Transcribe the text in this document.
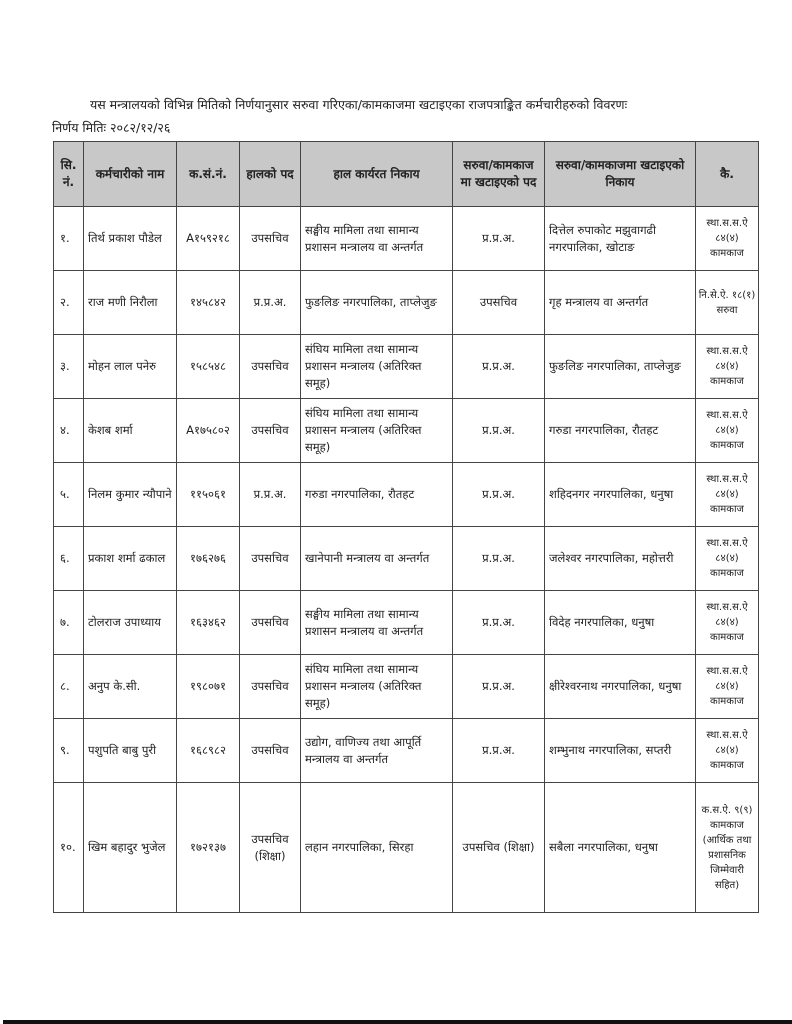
यस मन्त्रालयको विभिन्न मितिको निर्णयानुसार सरुवा गरिएका/कामकाजमा खटाइएका राजपत्राङ्कित कर्मचारीहरुको विवरणः
निर्णय मितिः २०८२/१२/२६
सि. नं.	कर्मचारीको नाम	क.सं.नं.	हालको पद	हाल कार्यरत निकाय	सरुवा/कामकाज मा खटाइएको पद	सरुवा/कामकाजमा खटाइएको निकाय	कै.
१.	तिर्थ प्रकाश पौडेल	A१५९२१८	उपसचिव	सङ्घीय मामिला तथा सामान्य प्रशासन मन्त्रालय वा अन्तर्गत	प्र.प्र.अ.	दित्तेल रुपाकोट मझुवागढी नगरपालिका, खोटाङ	स्था.स.स.ऐ ८४(४) कामकाज
२.	राज मणी निरौला	१४५८४२	प्र.प्र.अ.	फुङलिङ नगरपालिका, ताप्लेजुङ	उपसचिव	गृह मन्त्रालय वा अन्तर्गत	नि.से.ऐ. १८(१) सरुवा
३.	मोहन लाल पनेरु	१५८५४८	उपसचिव	संघिय मामिला तथा सामान्य प्रशासन मन्त्रालय (अतिरिक्त समूह)	प्र.प्र.अ.	फुङलिङ नगरपालिका, ताप्लेजुङ	स्था.स.स.ऐ ८४(४) कामकाज
४.	केशब शर्मा	A१७५८०२	उपसचिव	संघिय मामिला तथा सामान्य प्रशासन मन्त्रालय (अतिरिक्त समूह)	प्र.प्र.अ.	गरुडा नगरपालिका, रौतहट	स्था.स.स.ऐ ८४(४) कामकाज
५.	निलम कुमार न्यौपाने	११५०६१	प्र.प्र.अ.	गरुडा नगरपालिका, रौतहट	प्र.प्र.अ.	शहिदनगर नगरपालिका, धनुषा	स्था.स.स.ऐ ८४(४) कामकाज
६.	प्रकाश शर्मा ढकाल	१७६२७६	उपसचिव	खानेपानी मन्त्रालय वा अन्तर्गत	प्र.प्र.अ.	जलेश्वर नगरपालिका, महोत्तरी	स्था.स.स.ऐ ८४(४) कामकाज
७.	टोलराज उपाध्याय	१६३४६२	उपसचिव	सङ्घीय मामिला तथा सामान्य प्रशासन मन्त्रालय वा अन्तर्गत	प्र.प्र.अ.	विदेह नगरपालिका, धनुषा	स्था.स.स.ऐ ८४(४) कामकाज
८.	अनुप के.सी.	१९८०७१	उपसचिव	संघिय मामिला तथा सामान्य प्रशासन मन्त्रालय (अतिरिक्त समूह)	प्र.प्र.अ.	क्षीरेश्वरनाथ नगरपालिका, धनुषा	स्था.स.स.ऐ ८४(४) कामकाज
९.	पशुपति बाबु पुरी	१६८९८२	उपसचिव	उद्योग, वाणिज्य तथा आपूर्ति मन्त्रालय वा अन्तर्गत	प्र.प्र.अ.	शम्भुनाथ नगरपालिका, सप्तरी	स्था.स.स.ऐ ८४(४) कामकाज
१०.	खिम बहादुर भुजेल	१७२१३७	उपसचिव (शिक्षा)	लहान नगरपालिका, सिरहा	उपसचिव (शिक्षा)	सबैला नगरपालिका, धनुषा	क.स.ऐ. ९(९) कामकाज (आर्थिक तथा प्रशासनिक जिम्मेवारी सहित)
